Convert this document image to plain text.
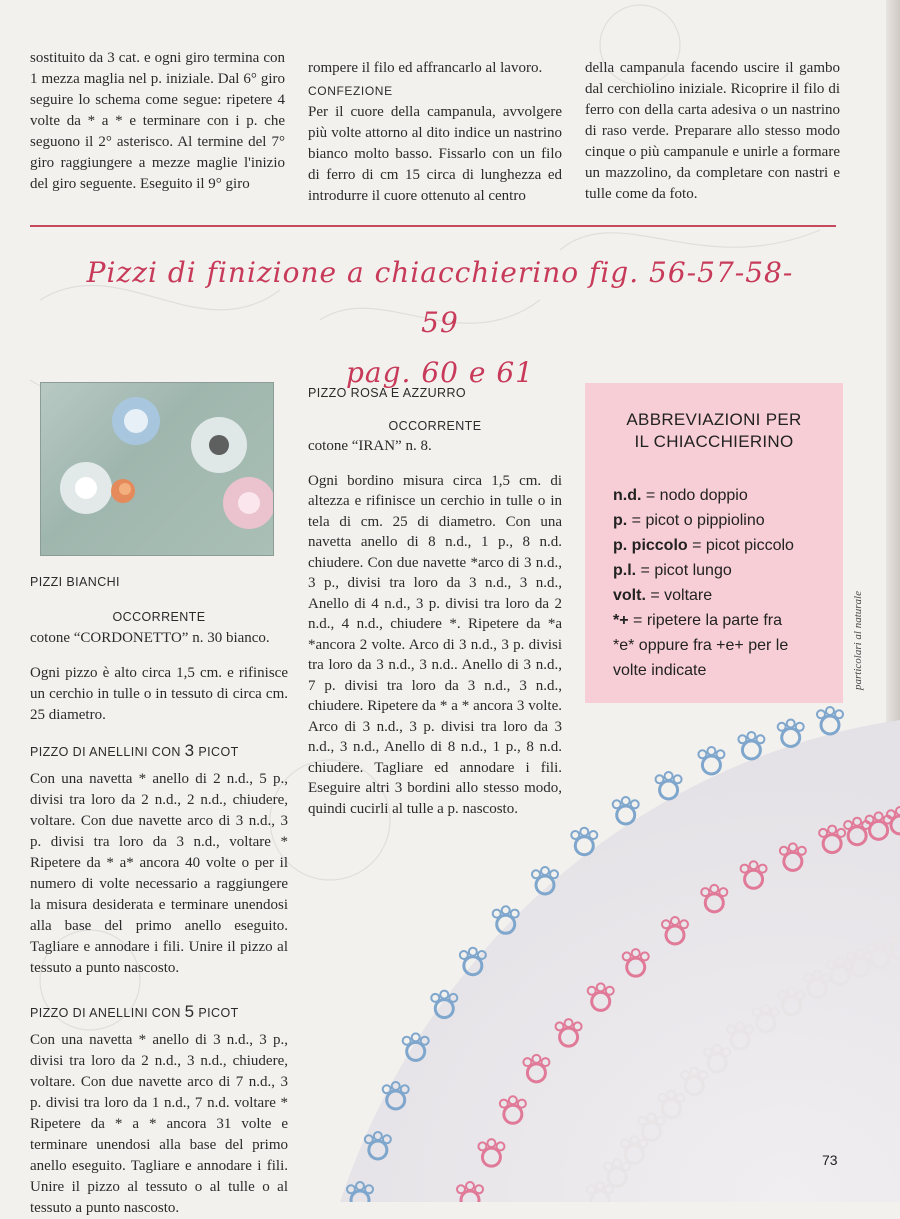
sostituito da 3 cat. e ogni giro termina con 1 mezza maglia nel p. iniziale. Dal 6° giro seguire lo schema come segue: ripetere 4 volte da * a * e terminare con i p. che seguono il 2° asterisco. Al termine del 7° giro raggiungere a mezze maglie l'inizio del giro seguente. Eseguito il 9° giro

rompere il filo ed affrancarlo al lavoro.

CONFEZIONE

Per il cuore della campanula, avvolgere più volte attorno al dito indice un nastrino bianco molto basso. Fissarlo con un filo di ferro di cm 15 circa di lunghezza ed introdurre il cuore ottenuto al centro

della campanula facendo uscire il gambo dal cerchiolino iniziale. Ricoprire il filo di ferro con della carta adesiva o un nastrino di raso verde. Preparare allo stesso modo cinque o più campanule e unirle a formare un mazzolino, da completare con nastri e tulle come da foto.

Pizzi di finizione a chiacchierino fig. 56-57-58-59
pag. 60 e 61

PIZZI BIANCHI

OCCORRENTE

cotone “CORDONETTO” n. 30 bianco.

Ogni pizzo è alto circa 1,5 cm. e rifinisce un cerchio in tulle o in tessuto di circa cm. 25 diametro.

PIZZO DI ANELLINI CON 3 PICOT

Con una navetta * anello di 2 n.d., 5 p., divisi tra loro da 2 n.d., 2 n.d., chiudere, voltare. Con due navette arco di 3 n.d., 3 p. divisi tra loro da 3 n.d., voltare * Ripetere da * a* ancora 40 volte o per il numero di volte necessario a raggiungere la misura desiderata e terminare unendosi alla base del primo anello eseguito. Tagliare e annodare i fili. Unire il pizzo al tessuto a punto nascosto.

PIZZO DI ANELLINI CON 5 PICOT

Con una navetta * anello di 3 n.d., 3 p., divisi tra loro da 2 n.d., 3 n.d., chiudere, voltare. Con due navette arco di 7 n.d., 3 p. divisi tra loro da 1 n.d., 7 n.d. voltare * Ripetere da * a * ancora 31 volte e terminare unendosi alla base del primo anello eseguito. Tagliare e annodare i fili. Unire il pizzo al tessuto o al tulle o al tessuto a punto nascosto.

PIZZO ROSA E AZZURRO

OCCORRENTE

cotone “IRAN” n. 8.

Ogni bordino misura circa 1,5 cm. di altezza e rifinisce un cerchio in tulle o in tela di cm. 25 di diametro. Con una navetta anello di 8 n.d., 1 p., 8 n.d. chiudere. Con due navette *arco di 3 n.d., 3 p., divisi tra loro da 3 n.d., 3 n.d., Anello di 4 n.d., 3 p. divisi tra loro da 2 n.d., 4 n.d., chiudere *. Ripetere da *a *ancora 2 volte. Arco di 3 n.d., 3 p. divisi tra loro da 3 n.d., 3 n.d.. Anello di 3 n.d., 7 p. divisi tra loro da 3 n.d., 3 n.d., chiudere. Ripetere da * a * ancora 3 volte. Arco di 3 n.d., 3 p. divisi tra loro da 3 n.d., 3 n.d., Anello di 8 n.d., 1 p., 8 n.d. chiudere. Tagliare ed annodare i fili. Eseguire altri 3 bordini allo stesso modo, quindi cucirli al tulle a p. nascosto.

ABBREVIAZIONI PER
IL CHIACCHIERINO
n.d. = nodo doppio
p. = picot o pippiolino
p. piccolo = picot piccolo
p.l. = picot lungo
volt. = voltare
*+ = ripetere la parte fra
*e* oppure fra +e+ per le
volte indicate	particolari al naturale
73
